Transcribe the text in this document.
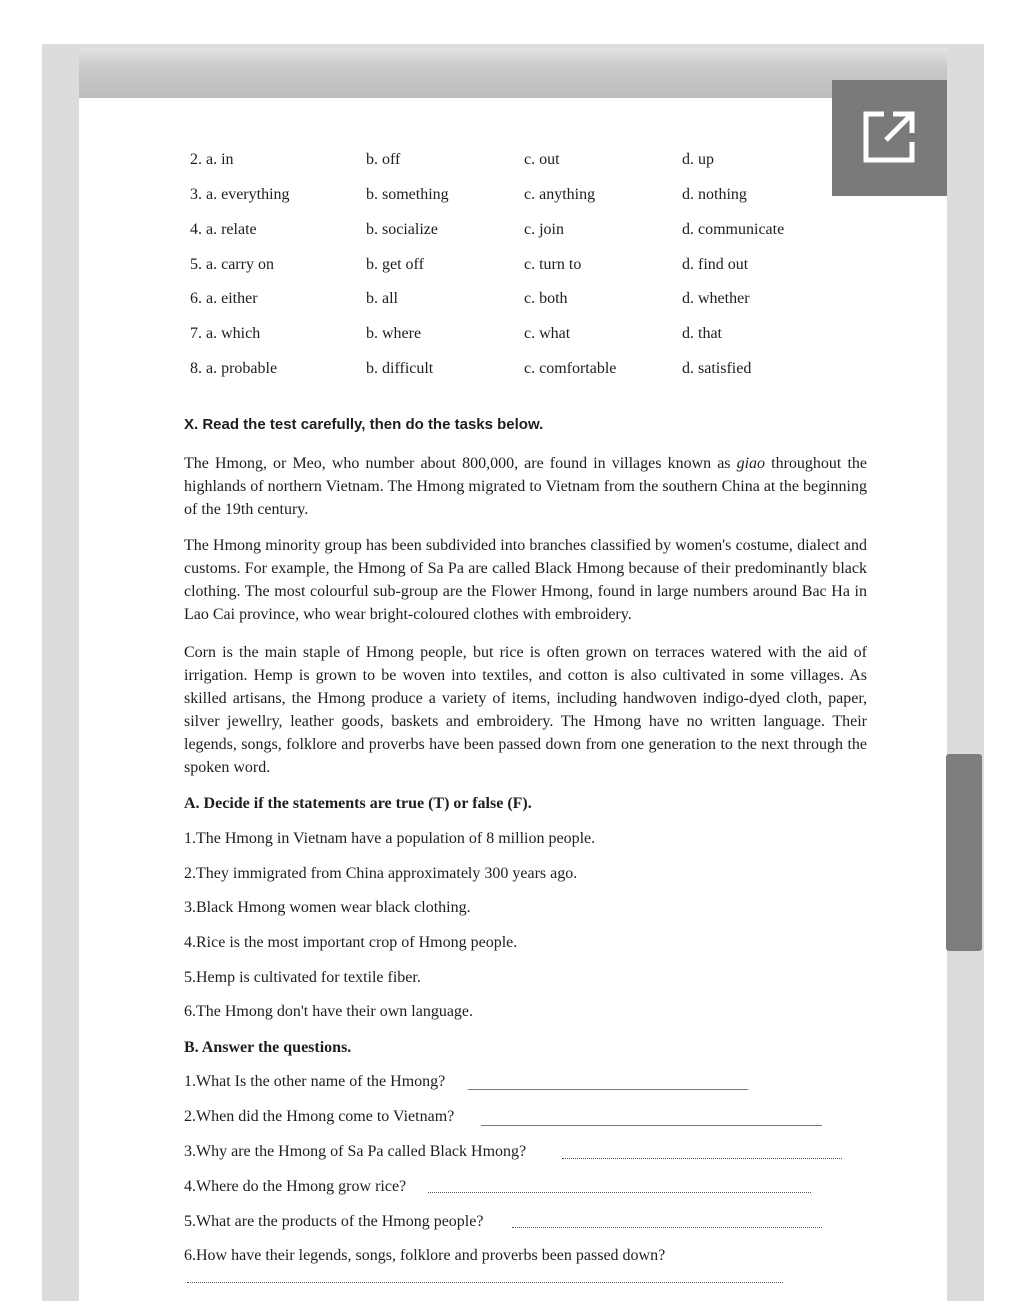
2. a. in	b. off	c. out	d. up
3. a. everything	b. something	c. anything	d. nothing
4. a. relate	b. socialize	c. join	d. communicate
5. a. carry on	b. get off	c. turn to	d. find out
6. a. either	b. all	c. both	d. whether
7. a. which	b. where	c. what	d. that
8. a. probable	b. difficult	c. comfortable	d. satisfied
X. Read the test carefully, then do the tasks below.

The Hmong, or Meo, who number about 800,000, are found in villages known as giao throughout the highlands of northern Vietnam. The Hmong migrated to Vietnam from the southern China at the beginning of the 19th century.

The Hmong minority group has been subdivided into branches classified by women's costume, dialect and customs. For example, the Hmong of Sa Pa are called Black Hmong because of their predominantly black clothing. The most colourful sub-group are the Flower Hmong, found in large numbers around Bac Ha in Lao Cai province, who wear bright-coloured clothes with embroidery.

Corn is the main staple of Hmong people, but rice is often grown on terraces watered with the aid of irrigation. Hemp is grown to be woven into textiles, and cotton is also cultivated in some villages. As skilled artisans, the Hmong produce a variety of items, including handwoven indigo-dyed cloth, paper, silver jewellry, leather goods, baskets and embroidery. The Hmong have no written language. Their legends, songs, folklore and proverbs have been passed down from one generation to the next through the spoken word.

A. Decide if the statements are true (T) or false (F).
1.The Hmong in Vietnam have a population of 8 million people.
2.They immigrated from China approximately 300 years ago.
3.Black Hmong women wear black clothing.
4.Rice is the most important crop of Hmong people.
5.Hemp is cultivated for textile fiber.
6.The Hmong don't have their own language.
B. Answer the questions.
1.What Is the other name of the Hmong?
2.When did the Hmong come to Vietnam?
3.Why are the Hmong of Sa Pa called Black Hmong?
4.Where do the Hmong grow rice?
5.What are the products of the Hmong people?
6.How have their legends, songs, folklore and proverbs been passed down?
